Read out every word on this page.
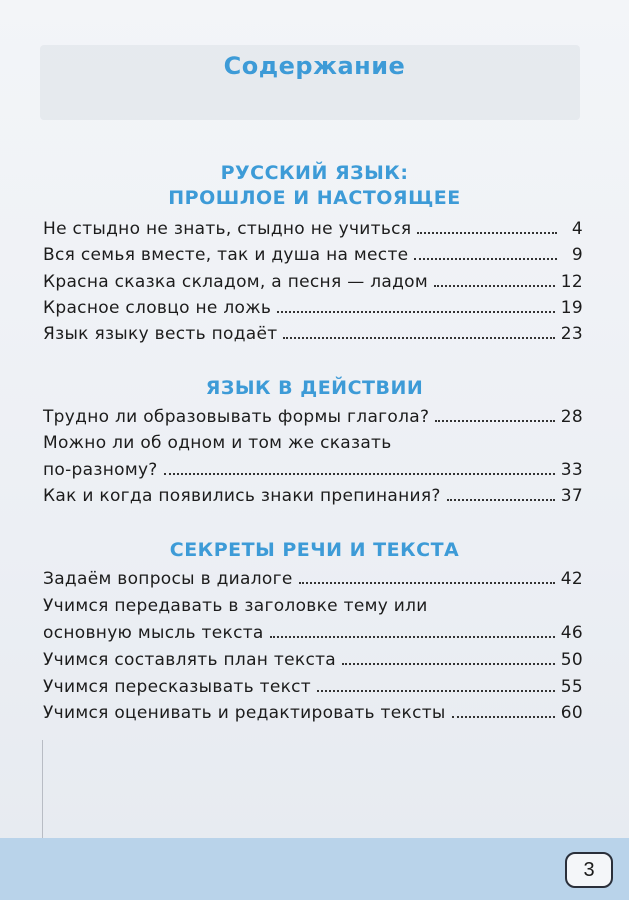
Содержание
РУССКИЙ ЯЗЫК:
ПРОШЛОЕ И НАСТОЯЩЕЕ
Не стыдно не знать, стыдно не учиться	4
Вся семья вместе, так и душа на месте	9
Красна сказка складом, а песня — ладом	12
Красное словцо не ложь	19
Язык языку весть подаёт	23
ЯЗЫК В ДЕЙСТВИИ
Трудно ли образовывать формы глагола?	28
Можно ли об одном и том же сказать
по-разному?	33
Как и когда появились знаки препинания?	37
СЕКРЕТЫ РЕЧИ И ТЕКСТА
Задаём вопросы в диалоге	42
Учимся передавать в заголовке тему или
основную мысль текста	46
Учимся составлять план текста	50
Учимся пересказывать текст	55
Учимся оценивать и редактировать тексты	60
3
